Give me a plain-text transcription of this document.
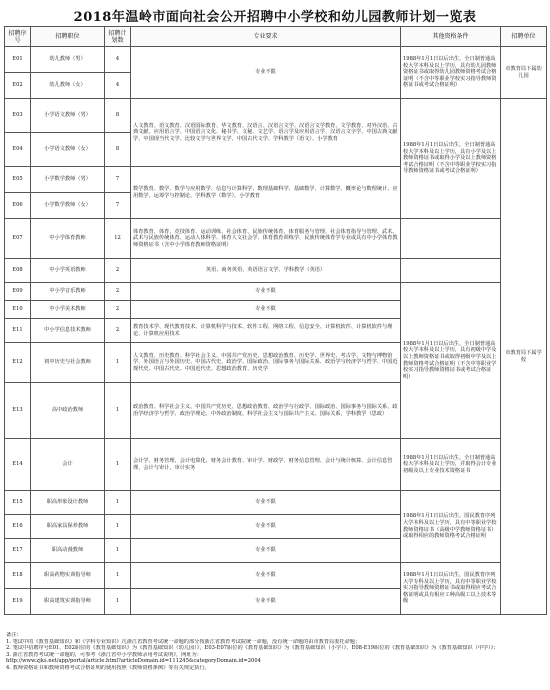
2018年温岭市面向社会公开招聘中小学校和幼儿园教师计划一览表
招聘序号	招聘职位	招聘计划数	专业要求	其他资格条件	招聘单位
E01	幼儿教师（男）	4	专业不限	1988年1月1日以后出生，全日制普通高校大学本科及以上学历，具有幼儿园教师资格证书或取得幼儿园教师资格考试合格证明（不含中等职业学校实习指导教师资格证书或考试合格证明）	市教育局下属幼儿园
E02	幼儿教师（女）	4			
E03	小学语文教师（男）	8	人文教育、语文教育、汉语国际教育、华文教育、汉语言、汉语言文学、汉语言文学教育、文学教育、对外汉语、古典文献、应用语言学、中国语言文化、秘书学、文秘、文艺学、语言学及应用语言学、汉语言文字学、中国古典文献学、中国现当代文学、比较文学与世界文学、中国古代文学、学科教学（语文）、小学教育	1988年1月1日以后出生，全日制普通高校大学本科及以上学历，具有小学及以上教师资格证书或取得小学及以上教师资格考试合格证明（不含中等职业学校实习指导教师资格证书或考试合格证明）	市教育局下属学校
E04	小学语文教师（女）	8			
E05	小学数学教师（男）	7	数学教育、数学、数学与应用数学、信息与计算科学、数理基础科学、基础数学、计算数学、概率论与数理统计、应用数学、运筹学与控制论、学科教学（数学）、小学教育		
E06	小学数学教师（女）	7			
E07	中小学体育教师	12	体育教育、体育、竞技体育、运动训练、社会体育、民族传统体育、体育服务与管理、社会体育指导与管理、武术、武术与民族传统体育、运动人体科学、体育人文社会学、体育教育训练学、民族传统体育学专业或具有中小学体育教师资格证书（含中小学体育教师资格证明）		
E08	中小学英语教师	2	英语、商务英语、英语语言文学、学科教学（英语）		
E09	中小学音乐教师	2	专业不限	1988年1月1日以后出生，全日制普通高校大学本科及以上学历，具有初级中学及以上教师资格证书或取得初级中学及以上教师资格考试合格证明（不含中等职业学校实习指导教师资格证书或考试合格证明）	
E10	中小学美术教师	2	专业不限		
E11	中小学信息技术教师	2	教育技术学、现代教育技术、计算机科学与技术、软件工程、网络工程、信息安全、计算机软件、计算机软件与理论、计算机应用技术		
E12	初中历史与社会教师	1	人文教育、历史教育、科学社会主义、中国共产党历史、思想政治教育、历史学、世界史、考古学、文物与博物馆学、外国语言与外国历史、中国古代史、政治学、国际政治、国际事务与国际关系、政治学与经济学与哲学、中国近现代史、中国古代史、中国近代史、思想政治教育、历史学		
E13	高中政治教师	1	政治教育、科学社会主义、中国共产党历史、思想政治教育、政治学与行政学、国际政治、国际事务与国际关系、政治学经济学与哲学、政治学理论、中外政治制度、科学社会主义与国际共产主义、国际关系、学科教学（思政）		
E14	会计	1	会计学、财务管理、会计电算化、财务会计教育、审计学、财政学、财务信息管理、会计与统计核算、会计信息管理、会计与审计、审计实务	1988年1月1日以后出生，全日制普通高校大学本科及以上学历，并取得会计专业初级及以上专业技术资格证书	
E15	职高形象设计教师	1	专业不限	1988年1月1日以后出生，国民教育序列大学本科及以上学历，具有中等职业学校教师资格证书（高级中学教师资格证书）或取得相应的教师资格考试合格证明	
E16	职高家具保养教师	1	专业不限		
E17	职高动漫教师	1	专业不限		
E18	职高药物实训指导师	1	专业不限	1988年1月1日以后出生，国民教育序列大学专科及以上学历，具有中等职业学校实习指导教师资格证书或取得相应考试合格证明或具有相应工种高级工以上技术等级	
E19	职高建筑实训指导师	1	专业不限		
备注：
1. 笔试中的《教育基础知识》和《学科专业知识》凡浙江省教育考试统一命题的部分按浙江省教育考试院统一命题，没有统一命题的由市教育局委托命题；
2. 笔试中招聘序号E01、E02职位的《教育基础知识》为《教育基础知识（幼儿园）》，E03-E07职位的《教育基础知识》为《教育基础知识（小学）》，E08-E19职位的《教育基础知识》为《教育基础知识（中学）》；
3. 浙江省教育考试统一命题的，可参考《浙江省中小学教师录用考试说明》，网址为：
http://www.zjks.net/app/portal/article.html?articleDomain.id=111245&categoryDomain.id=2004
4. 教师资格证书和教师资格考试合格证明的使用按照《教师资格条例》等有关规定执行。
